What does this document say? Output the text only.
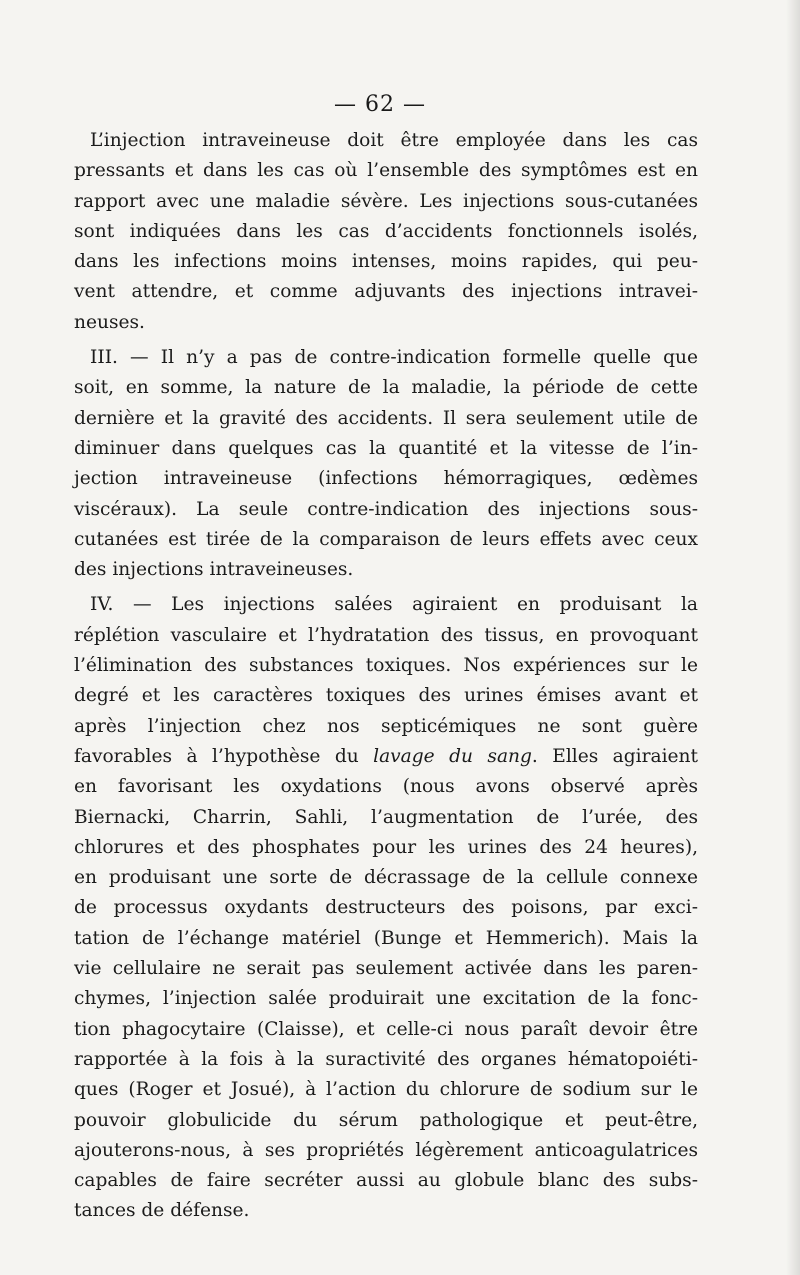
— 62 —
L’injection intraveineuse doit être employée dans les cas
pressants et dans les cas où l’ensemble des symptômes est en
rapport avec une maladie sévère. Les injections sous-cutanées
sont indiquées dans les cas d’accidents fonctionnels isolés,
dans les infections moins intenses, moins rapides, qui peu-
vent attendre, et comme adjuvants des injections intravei-
neuses.
III. — Il n’y a pas de contre-indication formelle quelle que
soit, en somme, la nature de la maladie, la période de cette
dernière et la gravité des accidents. Il sera seulement utile de
diminuer dans quelques cas la quantité et la vitesse de l’in-
jection intraveineuse (infections hémorragiques, œdèmes
viscéraux). La seule contre-indication des injections sous-
cutanées est tirée de la comparaison de leurs effets avec ceux
des injections intraveineuses.
IV. — Les injections salées agiraient en produisant la
réplétion vasculaire et l’hydratation des tissus, en provoquant
l’élimination des substances toxiques. Nos expériences sur le
degré et les caractères toxiques des urines émises avant et
après l’injection chez nos septicémiques ne sont guère
favorables à l’hypothèse du lavage du sang. Elles agiraient
en favorisant les oxydations (nous avons observé après
Biernacki, Charrin, Sahli, l’augmentation de l’urée, des
chlorures et des phosphates pour les urines des 24 heures),
en produisant une sorte de décrassage de la cellule connexe
de processus oxydants destructeurs des poisons, par exci-
tation de l’échange matériel (Bunge et Hemmerich). Mais la
vie cellulaire ne serait pas seulement activée dans les paren-
chymes, l’injection salée produirait une excitation de la fonc-
tion phagocytaire (Claisse), et celle-ci nous paraît devoir être
rapportée à la fois à la suractivité des organes hématopoiéti-
ques (Roger et Josué), à l’action du chlorure de sodium sur le
pouvoir globulicide du sérum pathologique et peut-être,
ajouterons-nous, à ses propriétés légèrement anticoagulatrices
capables de faire secréter aussi au globule blanc des subs-
tances de défense.
